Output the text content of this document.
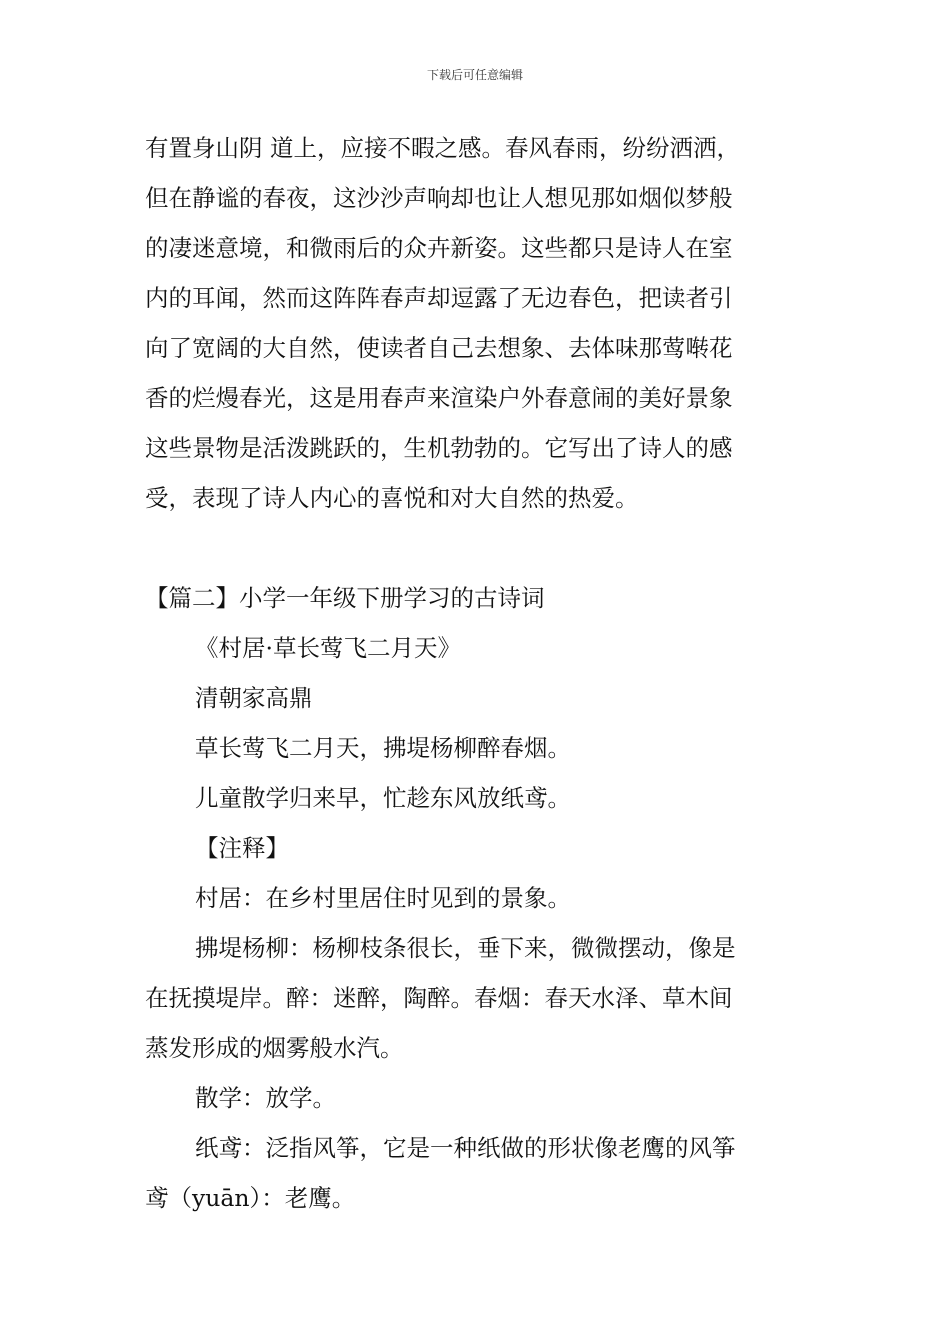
下载后可任意编辑
有置身山阴 道上，应接不暇之感。春风春雨，纷纷洒洒，
但在静谧的春夜，这沙沙声响却也让人想见那如烟似梦般
的凄迷意境，和微雨后的众卉新姿。这些都只是诗人在室
内的耳闻，然而这阵阵春声却逗露了无边春色，把读者引
向了宽阔的大自然，使读者自己去想象、去体味那莺啭花
香的烂熳春光，这是用春声来渲染户外春意闹的美好景象
这些景物是活泼跳跃的，生机勃勃的。它写出了诗人的感
受，表现了诗人内心的喜悦和对大自然的热爱。
【篇二】小学一年级下册学习的古诗词
《村居·草长莺飞二月天》
清朝家高鼎
草长莺飞二月天，拂堤杨柳醉春烟。
儿童散学归来早，忙趁东风放纸鸢。
【注释】
村居：在乡村里居住时见到的景象。
拂堤杨柳：杨柳枝条很长，垂下来，微微摆动，像是
在抚摸堤岸。醉：迷醉，陶醉。春烟：春天水泽、草木间
蒸发形成的烟雾般水汽。
散学：放学。
纸鸢：泛指风筝，它是一种纸做的形状像老鹰的风筝
鸢（yuān）：老鹰。
